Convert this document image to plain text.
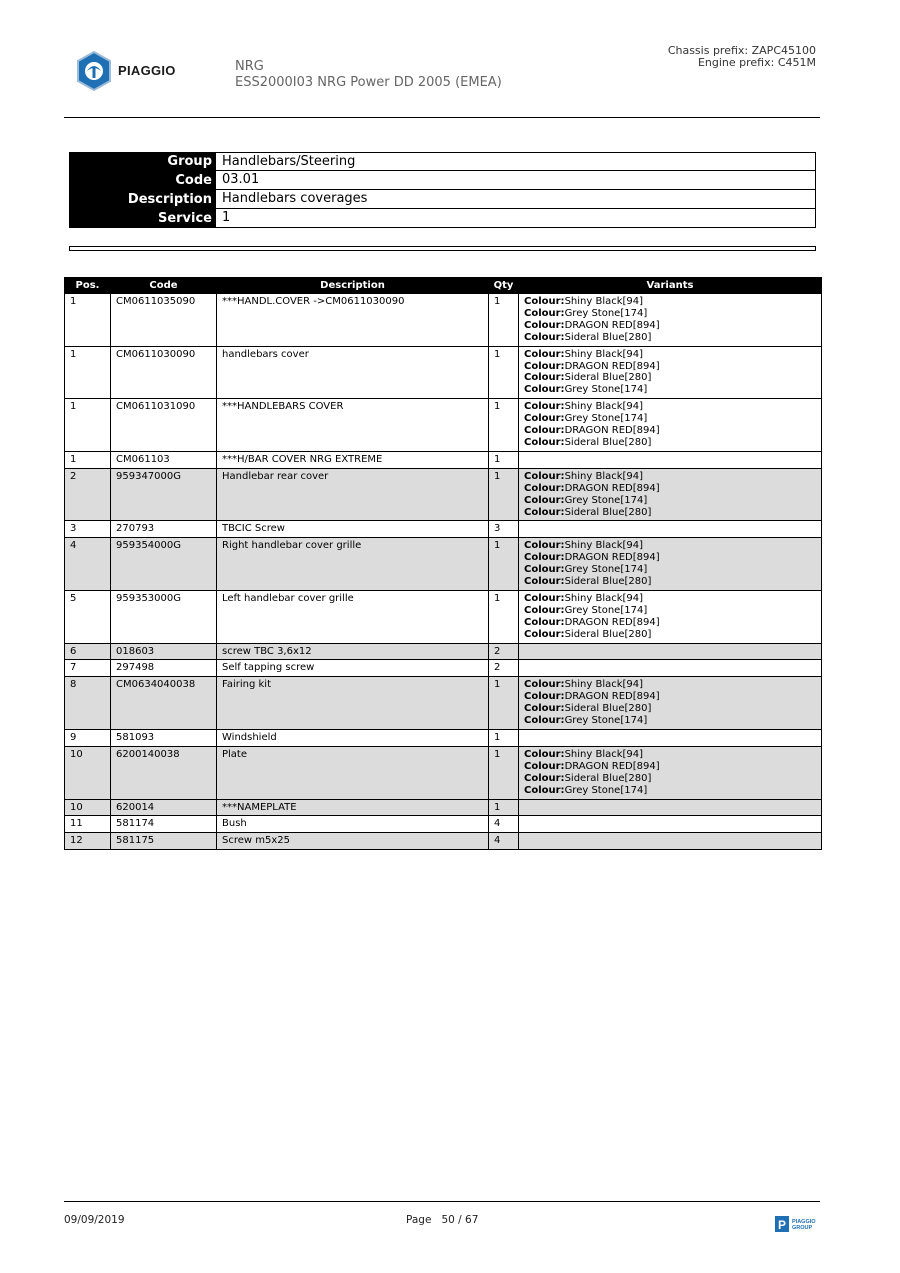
PIAGGIO	NRG
ESS2000I03 NRG Power DD 2005 (EMEA)
Chassis prefix: ZAPC45100
Engine prefix: C451M
Group Handlebars/Steering
Code 03.01
Description Handlebars coverages
Service 1
Pos.	Code	Description	Qty	Variants
1	CM0611035090	***HANDL.COVER ->CM0611030090	1	Colour:Shiny Black[94]
Colour:Grey Stone[174]
Colour:DRAGON RED[894]
Colour:Sideral Blue[280]

1	CM0611030090	handlebars cover	1	Colour:Shiny Black[94]
Colour:DRAGON RED[894]
Colour:Sideral Blue[280]
Colour:Grey Stone[174]

1	CM0611031090	***HANDLEBARS COVER	1	Colour:Shiny Black[94]
Colour:Grey Stone[174]
Colour:DRAGON RED[894]
Colour:Sideral Blue[280]

1	CM061103	***H/BAR COVER NRG EXTREME	1	
2	959347000G	Handlebar rear cover	1	Colour:Shiny Black[94]
Colour:DRAGON RED[894]
Colour:Grey Stone[174]
Colour:Sideral Blue[280]

3	270793	TBCIC Screw	3	
4	959354000G	Right handlebar cover grille	1	Colour:Shiny Black[94]
Colour:DRAGON RED[894]
Colour:Grey Stone[174]
Colour:Sideral Blue[280]

5	959353000G	Left handlebar cover grille	1	Colour:Shiny Black[94]
Colour:Grey Stone[174]
Colour:DRAGON RED[894]
Colour:Sideral Blue[280]

6	018603	screw TBC 3,6x12	2	
7	297498	Self tapping screw	2	
8	CM0634040038	Fairing kit	1	Colour:Shiny Black[94]
Colour:DRAGON RED[894]
Colour:Sideral Blue[280]
Colour:Grey Stone[174]

9	581093	Windshield	1	
10	6200140038	Plate	1	Colour:Shiny Black[94]
Colour:DRAGON RED[894]
Colour:Sideral Blue[280]
Colour:Grey Stone[174]

10	620014	***NAMEPLATE	1	
11	581174	Bush	4	
12	581175	Screw m5x25	4	
09/09/2019	Page 50 / 67	P PIAGGIO
GROUP
